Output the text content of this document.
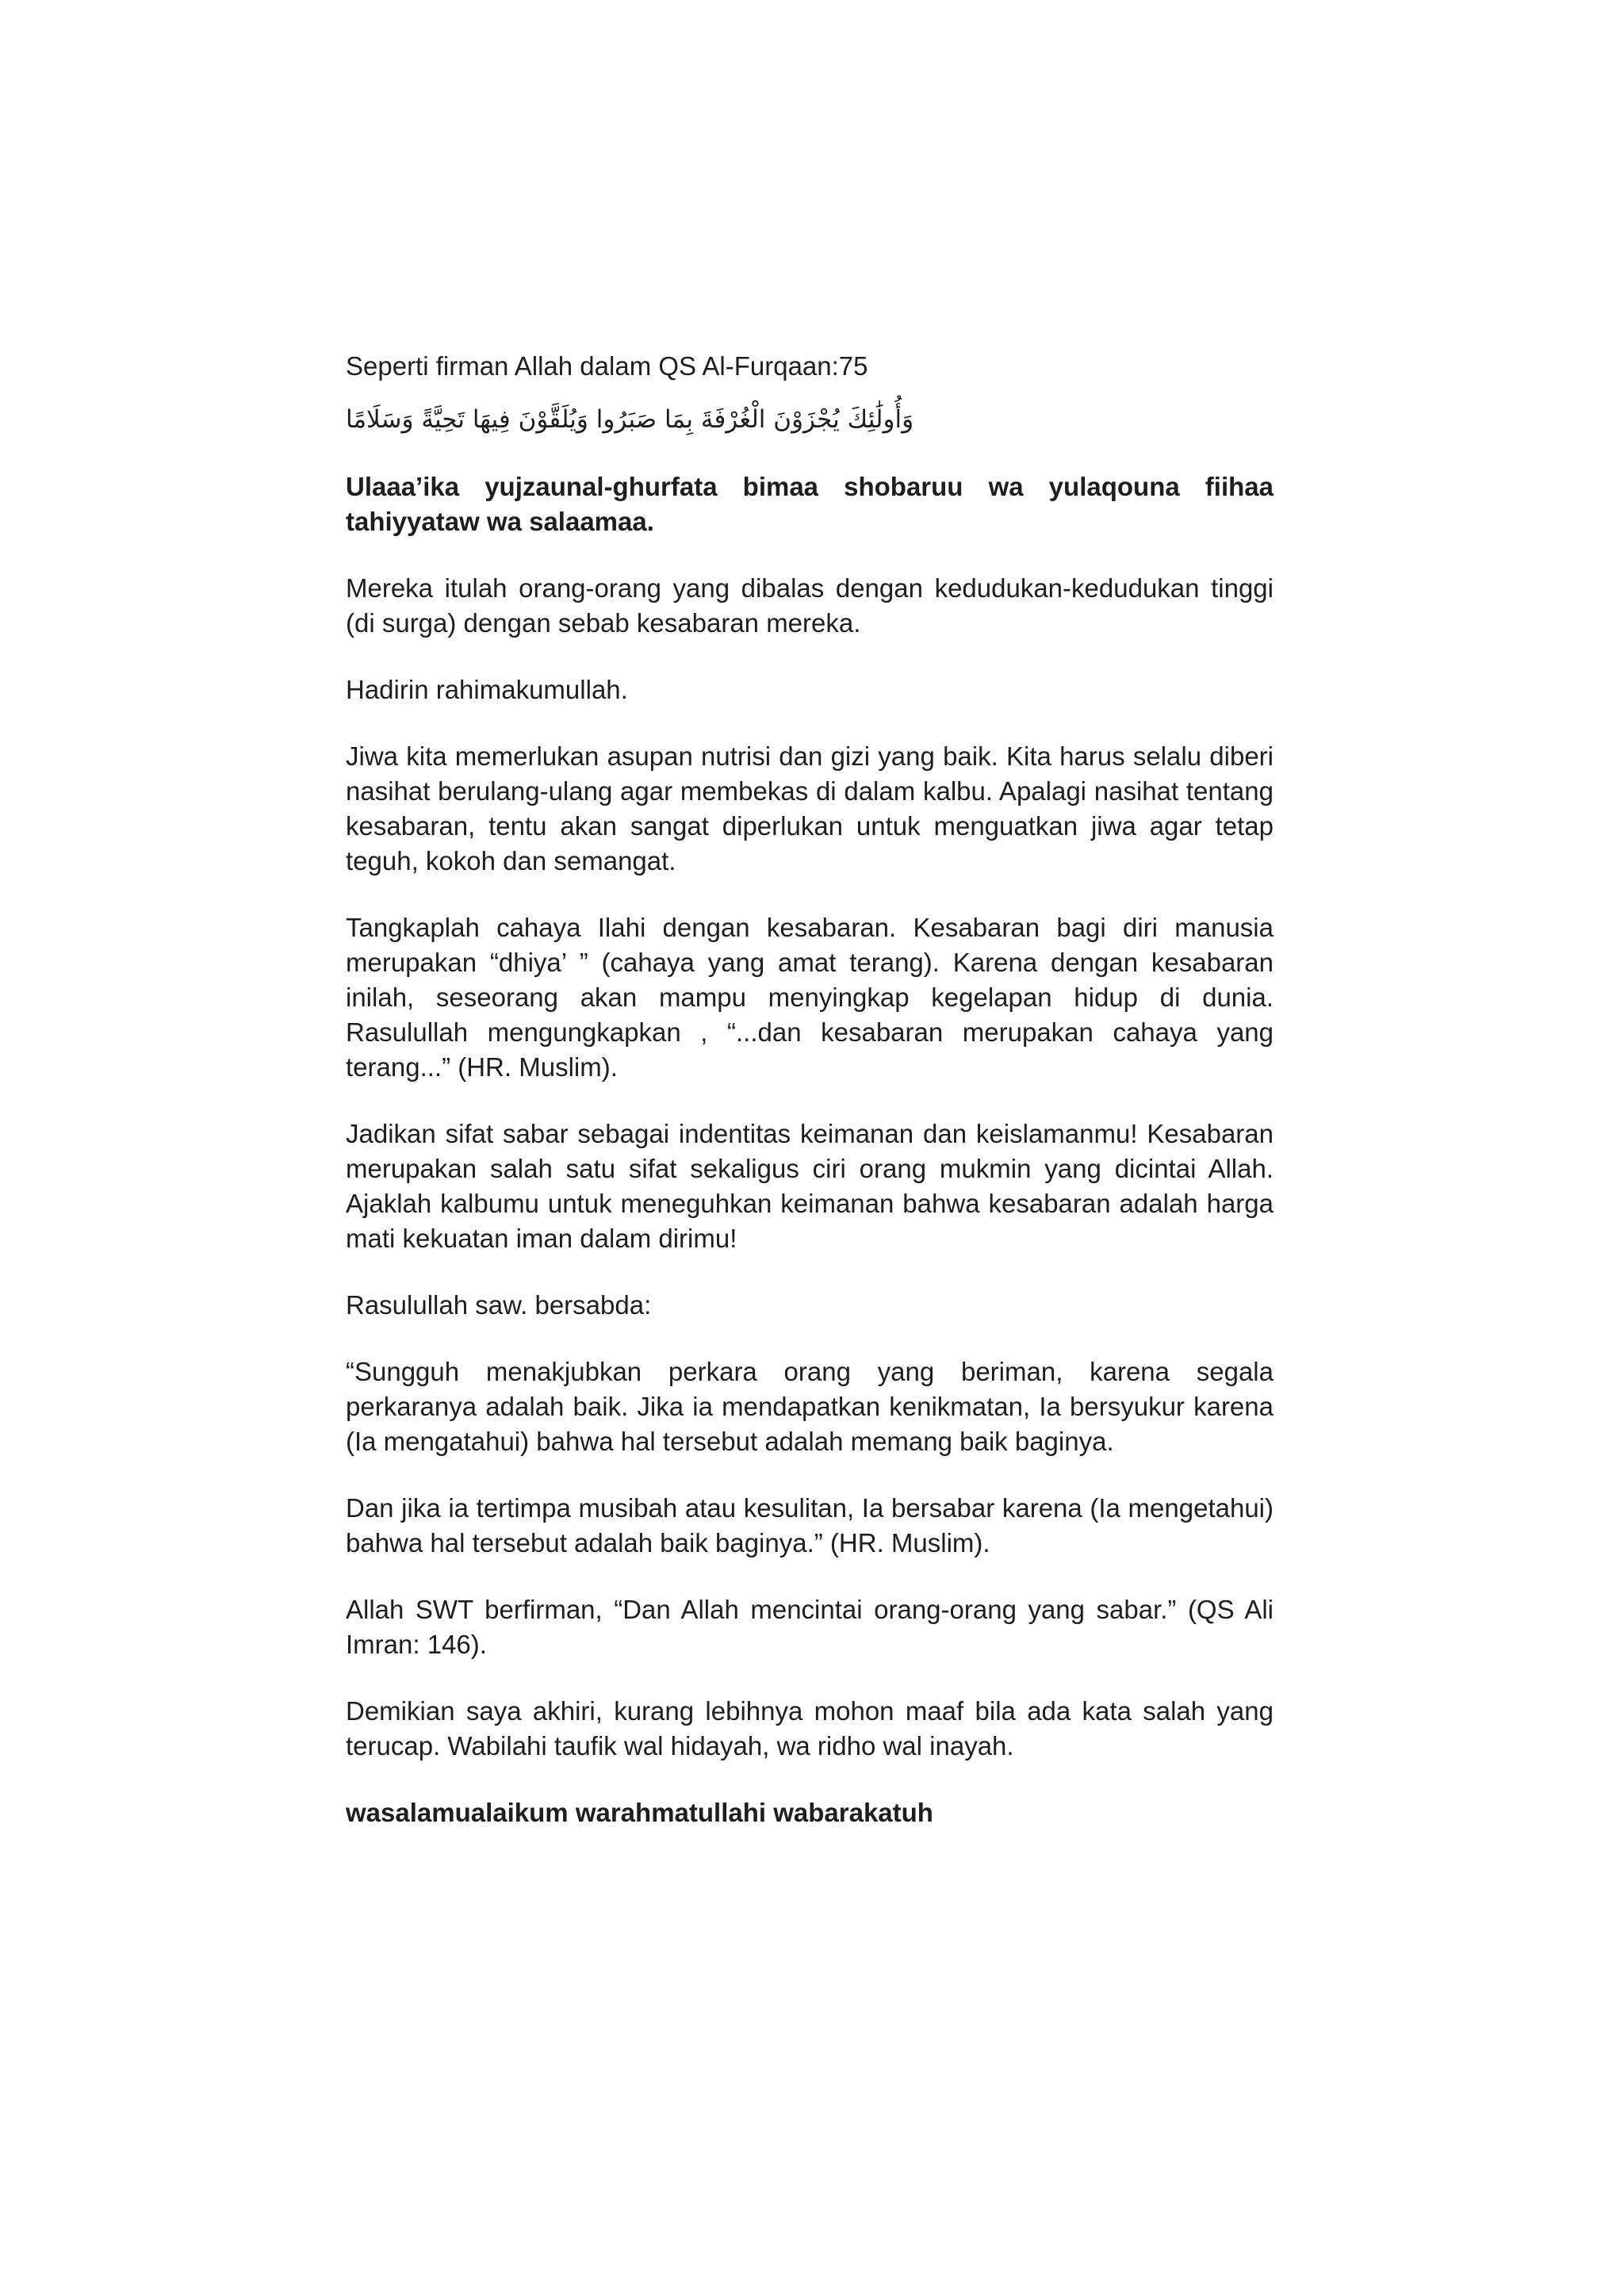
Seperti firman Allah dalam QS Al-Furqaan:75

وَأُولَٰئِكَ يُجْزَوْنَ الْغُرْفَةَ بِمَا صَبَرُوا وَيُلَقَّوْنَ فِيهَا تَحِيَّةً وَسَلَامًا

Ulaaa’ika yujzaunal-ghurfata bimaa shobaruu wa yulaqouna fiihaa tahiyyataw wa salaamaa.

Mereka itulah orang-orang yang dibalas dengan kedudukan-kedudukan tinggi (di surga) dengan sebab kesabaran mereka.

Hadirin rahimakumullah.

Jiwa kita memerlukan asupan nutrisi dan gizi yang baik. Kita harus selalu diberi nasihat berulang-ulang agar membekas di dalam kalbu. Apalagi nasihat tentang kesabaran, tentu akan sangat diperlukan untuk menguatkan jiwa agar tetap teguh, kokoh dan semangat.

Tangkaplah cahaya Ilahi dengan kesabaran. Kesabaran bagi diri manusia merupakan “dhiya’ ” (cahaya yang amat terang). Karena dengan kesabaran inilah, seseorang akan mampu menyingkap kegelapan hidup di dunia. Rasulullah mengungkapkan , “...dan kesabaran merupakan cahaya yang terang...” (HR. Muslim).

Jadikan sifat sabar sebagai indentitas keimanan dan keislamanmu! Kesabaran merupakan salah satu sifat sekaligus ciri orang mukmin yang dicintai Allah. Ajaklah kalbumu untuk meneguhkan keimanan bahwa kesabaran adalah harga mati kekuatan iman dalam dirimu!

Rasulullah saw. bersabda:

“Sungguh menakjubkan perkara orang yang beriman, karena segala perkaranya adalah baik. Jika ia mendapatkan kenikmatan, Ia bersyukur karena (Ia mengatahui) bahwa hal tersebut adalah memang baik baginya.

Dan jika ia tertimpa musibah atau kesulitan, Ia bersabar karena (Ia mengetahui) bahwa hal tersebut adalah baik baginya.” (HR. Muslim).

Allah SWT berfirman, “Dan Allah mencintai orang-orang yang sabar.” (QS Ali Imran: 146).

Demikian saya akhiri, kurang lebihnya mohon maaf bila ada kata salah yang terucap. Wabilahi taufik wal hidayah, wa ridho wal inayah.

wasalamualaikum warahmatullahi wabarakatuh
